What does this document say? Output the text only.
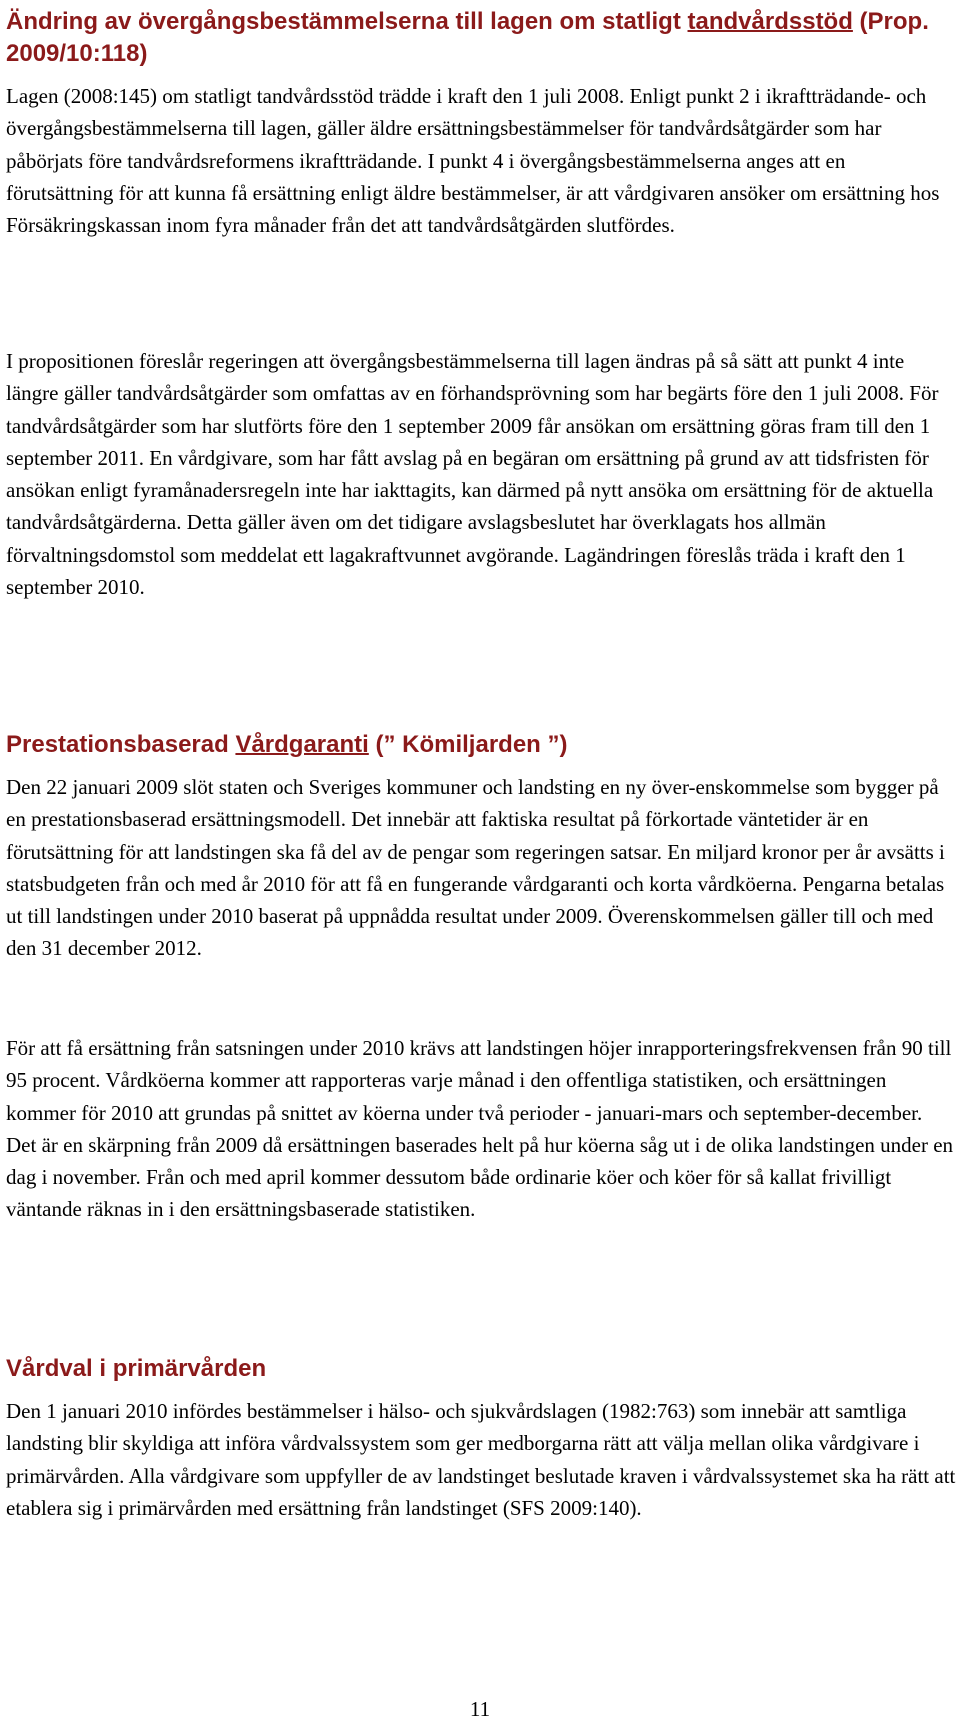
Ändring av övergångsbestämmelserna till lagen om statligt tandvårdsstöd (Prop. 2009/10:118)

Lagen (2008:145) om statligt tandvårdsstöd trädde i kraft den 1 juli 2008. Enligt punkt 2 i ikraftträdande- och övergångsbestämmelserna till lagen, gäller äldre ersättningsbestämmelser för tandvårdsåtgärder som har påbörjats före tandvårdsreformens ikraftträdande. I punkt 4 i övergångsbestämmelserna anges att en förutsättning för att kunna få ersättning enligt äldre bestämmelser, är att vårdgivaren ansöker om ersättning hos Försäkringskassan inom fyra månader från det att tandvårdsåtgärden slutfördes.

I propositionen föreslår regeringen att övergångsbestämmelserna till lagen ändras på så sätt att punkt 4 inte längre gäller tandvårdsåtgärder som omfattas av en förhandsprövning som har begärts före den 1 juli 2008. För tandvårdsåtgärder som har slutförts före den 1 september 2009 får ansökan om ersättning göras fram till den 1 september 2011. En vårdgivare, som har fått avslag på en begäran om ersättning på grund av att tidsfristen för ansökan enligt fyramånadersregeln inte har iakttagits, kan därmed på nytt ansöka om ersättning för de aktuella tandvårdsåtgärderna. Detta gäller även om det tidigare avslagsbeslutet har överklagats hos allmän förvaltningsdomstol som meddelat ett lagakraftvunnet avgörande. Lagändringen föreslås träda i kraft den 1 september 2010.

Prestationsbaserad Vårdgaranti (” Kömiljarden ”)

Den 22 januari 2009 slöt staten och Sveriges kommuner och landsting en ny över-enskommelse som bygger på en prestationsbaserad ersättningsmodell. Det innebär att faktiska resultat på förkortade väntetider är en förutsättning för att landstingen ska få del av de pengar som regeringen satsar. En miljard kronor per år avsätts i statsbudgeten från och med år 2010 för att få en fungerande vårdgaranti och korta vårdköerna. Pengarna betalas ut till landstingen under 2010 baserat på uppnådda resultat under 2009. Överenskommelsen gäller till och med den 31 december 2012.

För att få ersättning från satsningen under 2010 krävs att landstingen höjer inrapporteringsfrekvensen från 90 till 95 procent. Vårdköerna kommer att rapporteras varje månad i den offentliga statistiken, och ersättningen kommer för 2010 att grundas på snittet av köerna under två perioder - januari-mars och september-december. Det är en skärpning från 2009 då ersättningen baserades helt på hur köerna såg ut i de olika landstingen under en dag i november. Från och med april kommer dessutom både ordinarie köer och köer för så kallat frivilligt väntande räknas in i den ersättningsbaserade statistiken.

Vårdval i primärvården

Den 1 januari 2010 infördes bestämmelser i hälso- och sjukvårdslagen (1982:763) som innebär att samtliga landsting blir skyldiga att införa vårdvalssystem som ger medborgarna rätt att välja mellan olika vårdgivare i primärvården. Alla vårdgivare som uppfyller de av landstinget beslutade kraven i vårdvalssystemet ska ha rätt att etablera sig i primärvården med ersättning från landstinget (SFS 2009:140).

11
